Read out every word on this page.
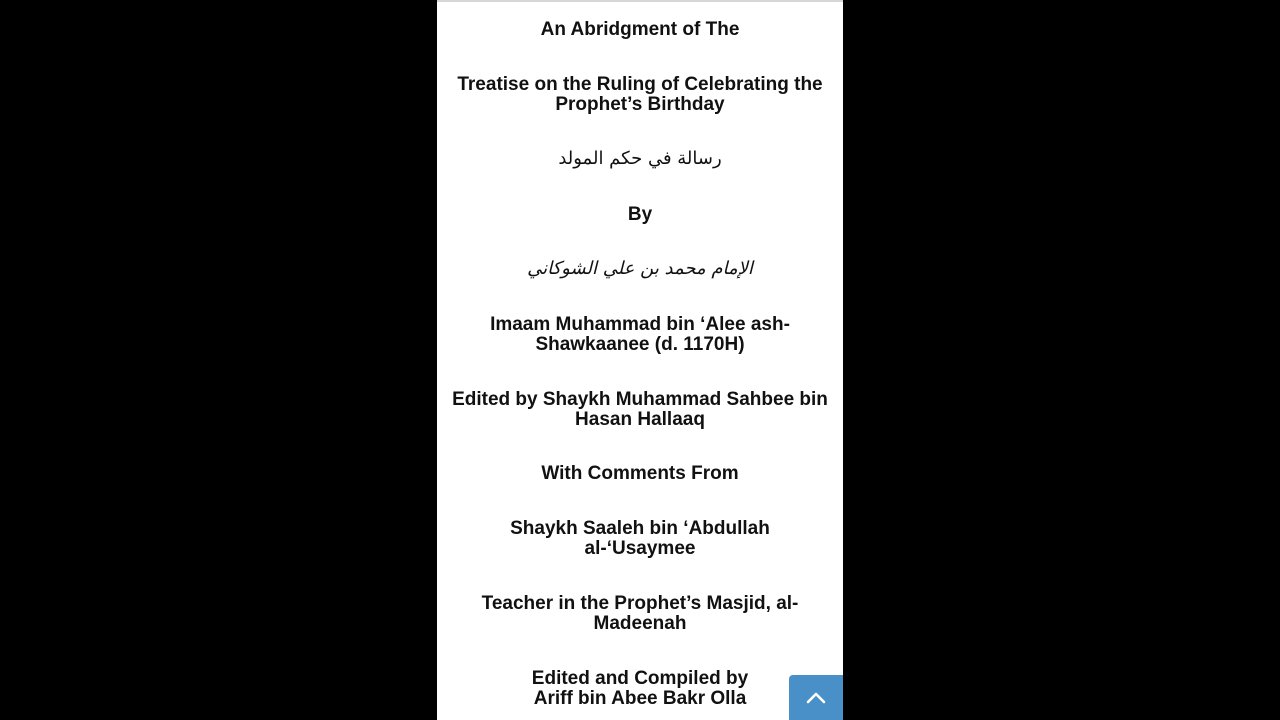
An Abridgment of The

Treatise on the Ruling of Celebrating the Prophet’s Birthday

رسالة في حكم المولد

By

الإمام محمد بن علي الشوكاني

Imaam Muhammad bin ‘Alee ash-Shawkaanee (d. 1170H)

Edited by Shaykh Muhammad Sahbee bin Hasan Hallaaq

With Comments From

Shaykh Saaleh bin ‘Abdullah al-‘Usaymee

Teacher in the Prophet’s Masjid, al-Madeenah

Edited and Compiled by Ariff bin Abee Bakr Olla
